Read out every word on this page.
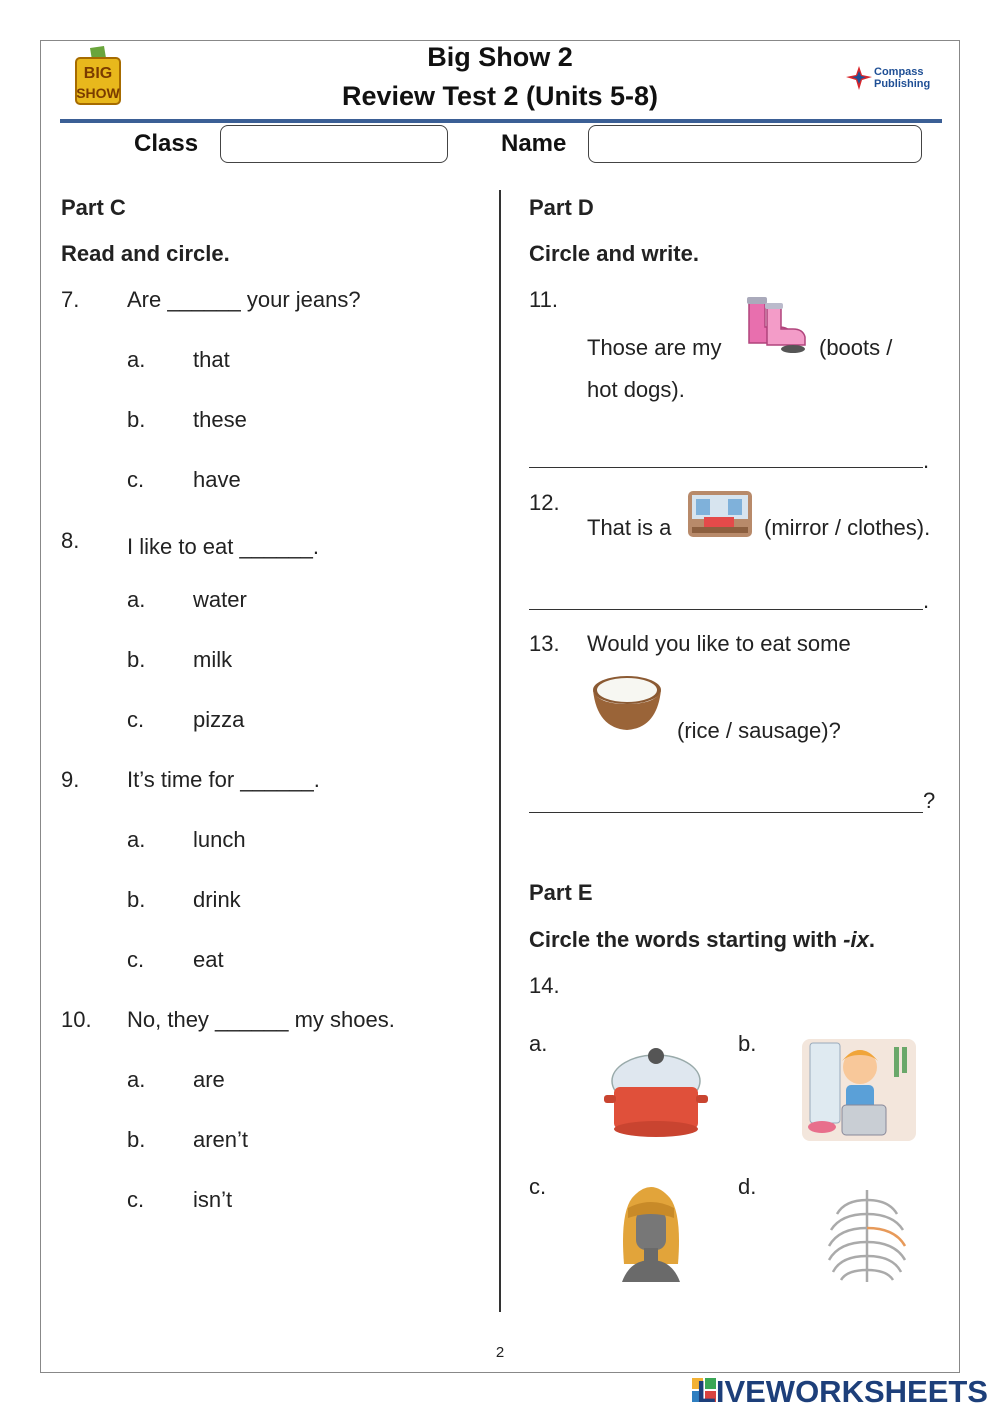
BIG
SHOW
Big Show 2
Review Test 2 (Units 5-8)
Compass
Publishing
Class	Name
Part C
Read and circle.
7. Are ______ your jeans?
a. that
b. these
c. have
8. I like to eat ______.
a. water
b. milk
c. pizza
9. It’s time for ______.
a. lunch
b. drink
c. eat
10. No, they ______ my shoes.
a. are
b. aren’t
c. isn’t
Part D
Circle and write.
11.
Those are my	(boots /
hot dogs).
.
12.
That is a	(mirror / clothes).
.
13. Would you like to eat some
(rice / sausage)?
?
Part E
Circle the words starting with -ix.
14.
a.	b.
c.	d.
2
LIVEWORKSHEETS
